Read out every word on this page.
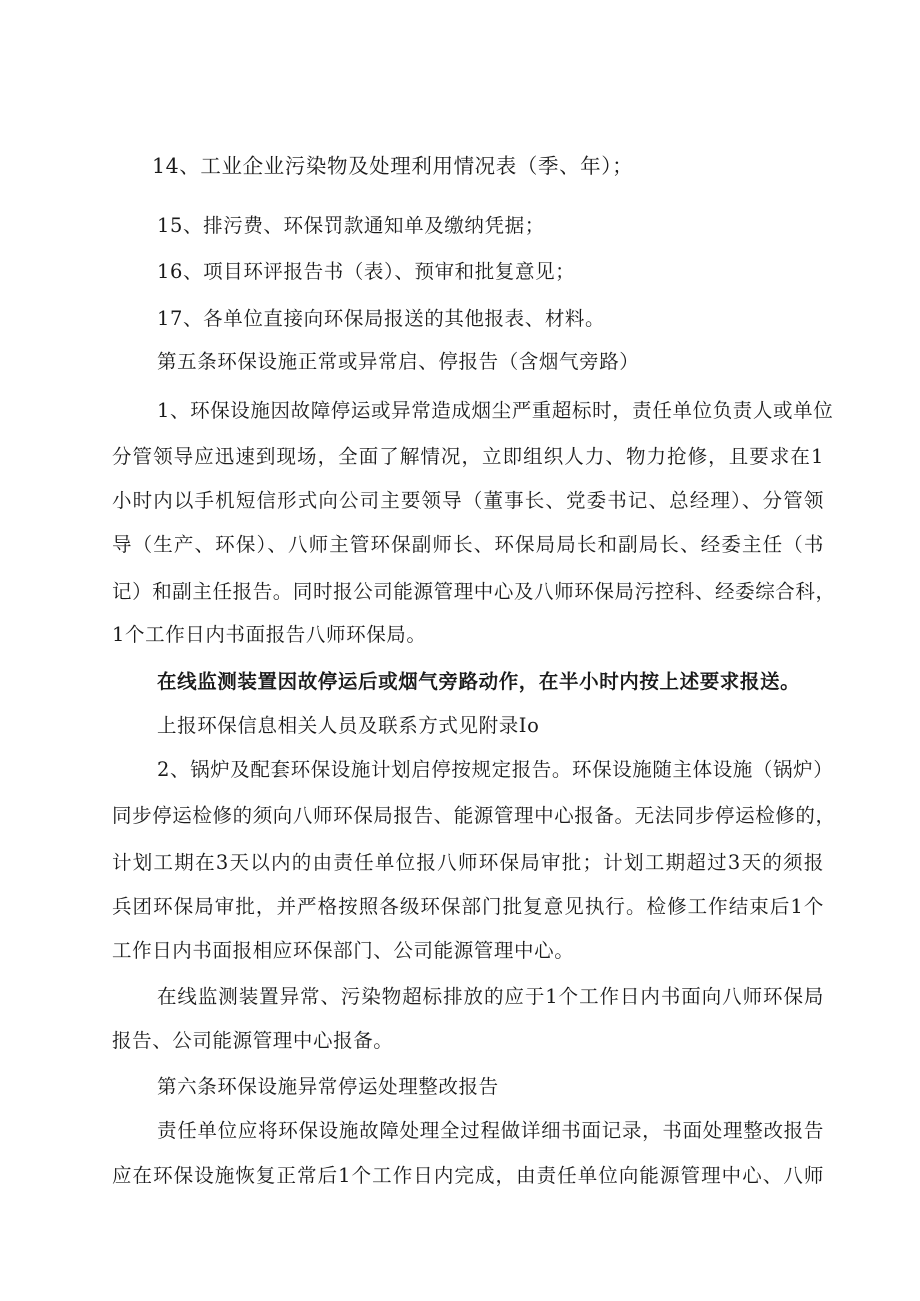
14、工业企业污染物及处理利用情况表（季、年）；
15、排污费、环保罚款通知单及缴纳凭据；
16、项目环评报告书（表）、预审和批复意见；
17、各单位直接向环保局报送的其他报表、材料。
第五条环保设施正常或异常启、停报告（含烟气旁路）
1、环保设施因故障停运或异常造成烟尘严重超标时，责任单位负责人或单位
分管领导应迅速到现场，全面了解情况，立即组织人力、物力抢修，且要求在1
小时内以手机短信形式向公司主要领导（董事长、党委书记、总经理）、分管领
导（生产、环保）、八师主管环保副师长、环保局局长和副局长、经委主任（书
记）和副主任报告。同时报公司能源管理中心及八师环保局污控科、经委综合科，
1个工作日内书面报告八师环保局。
在线监测装置因故停运后或烟气旁路动作，在半小时内按上述要求报送。
上报环保信息相关人员及联系方式见附录Io
2、锅炉及配套环保设施计划启停按规定报告。环保设施随主体设施（锅炉）
同步停运检修的须向八师环保局报告、能源管理中心报备。无法同步停运检修的，
计划工期在3天以内的由责任单位报八师环保局审批；计划工期超过3天的须报
兵团环保局审批，并严格按照各级环保部门批复意见执行。检修工作结束后1个
工作日内书面报相应环保部门、公司能源管理中心。
在线监测装置异常、污染物超标排放的应于1个工作日内书面向八师环保局
报告、公司能源管理中心报备。
第六条环保设施异常停运处理整改报告
责任单位应将环保设施故障处理全过程做详细书面记录，书面处理整改报告
应在环保设施恢复正常后1个工作日内完成，由责任单位向能源管理中心、八师
